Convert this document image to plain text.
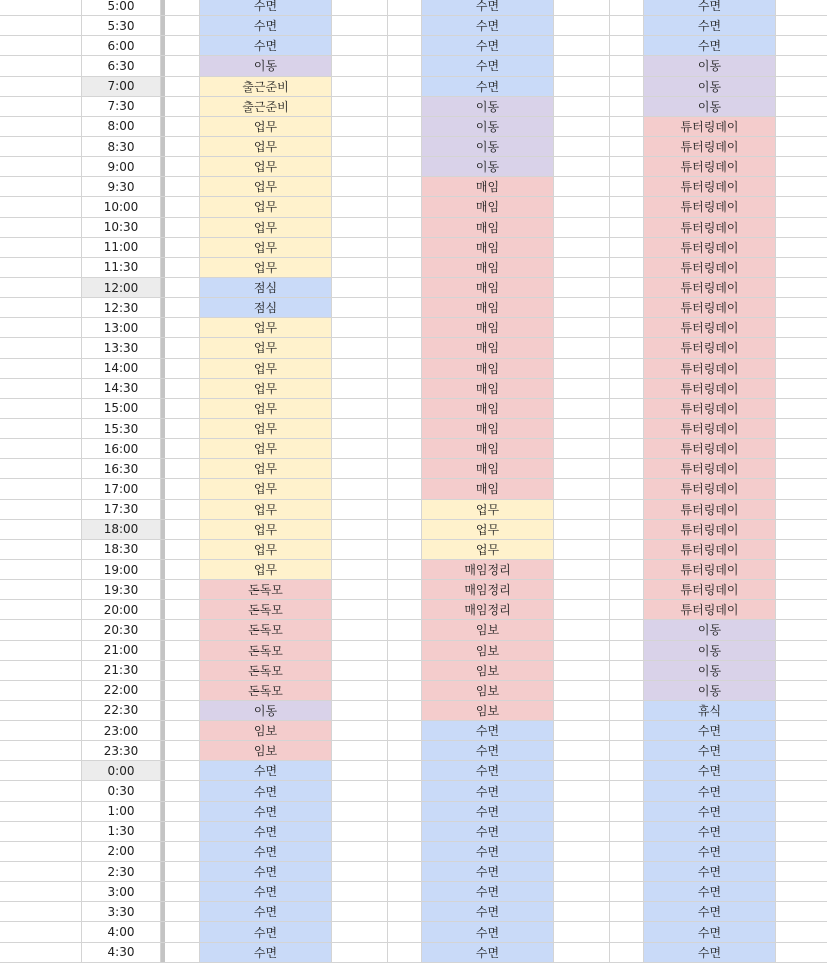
5:00	수면	수면	수면
5:30	수면	수면	수면
6:00	수면	수면	수면
6:30	이동	수면	이동
7:00	출근준비	수면	이동
7:30	출근준비	이동	이동
8:00	업무	이동	튜터링데이
8:30	업무	이동	튜터링데이
9:00	업무	이동	튜터링데이
9:30	업무	매임	튜터링데이
10:00	업무	매임	튜터링데이
10:30	업무	매임	튜터링데이
11:00	업무	매임	튜터링데이
11:30	업무	매임	튜터링데이
12:00	점심	매임	튜터링데이
12:30	점심	매임	튜터링데이
13:00	업무	매임	튜터링데이
13:30	업무	매임	튜터링데이
14:00	업무	매임	튜터링데이
14:30	업무	매임	튜터링데이
15:00	업무	매임	튜터링데이
15:30	업무	매임	튜터링데이
16:00	업무	매임	튜터링데이
16:30	업무	매임	튜터링데이
17:00	업무	매임	튜터링데이
17:30	업무	업무	튜터링데이
18:00	업무	업무	튜터링데이
18:30	업무	업무	튜터링데이
19:00	업무	매임정리	튜터링데이
19:30	돈독모	매임정리	튜터링데이
20:00	돈독모	매임정리	튜터링데이
20:30	돈독모	임보	이동
21:00	돈독모	임보	이동
21:30	돈독모	임보	이동
22:00	돈독모	임보	이동
22:30	이동	임보	휴식
23:00	임보	수면	수면
23:30	임보	수면	수면
0:00	수면	수면	수면
0:30	수면	수면	수면
1:00	수면	수면	수면
1:30	수면	수면	수면
2:00	수면	수면	수면
2:30	수면	수면	수면
3:00	수면	수면	수면
3:30	수면	수면	수면
4:00	수면	수면	수면
4:30	수면	수면	수면
